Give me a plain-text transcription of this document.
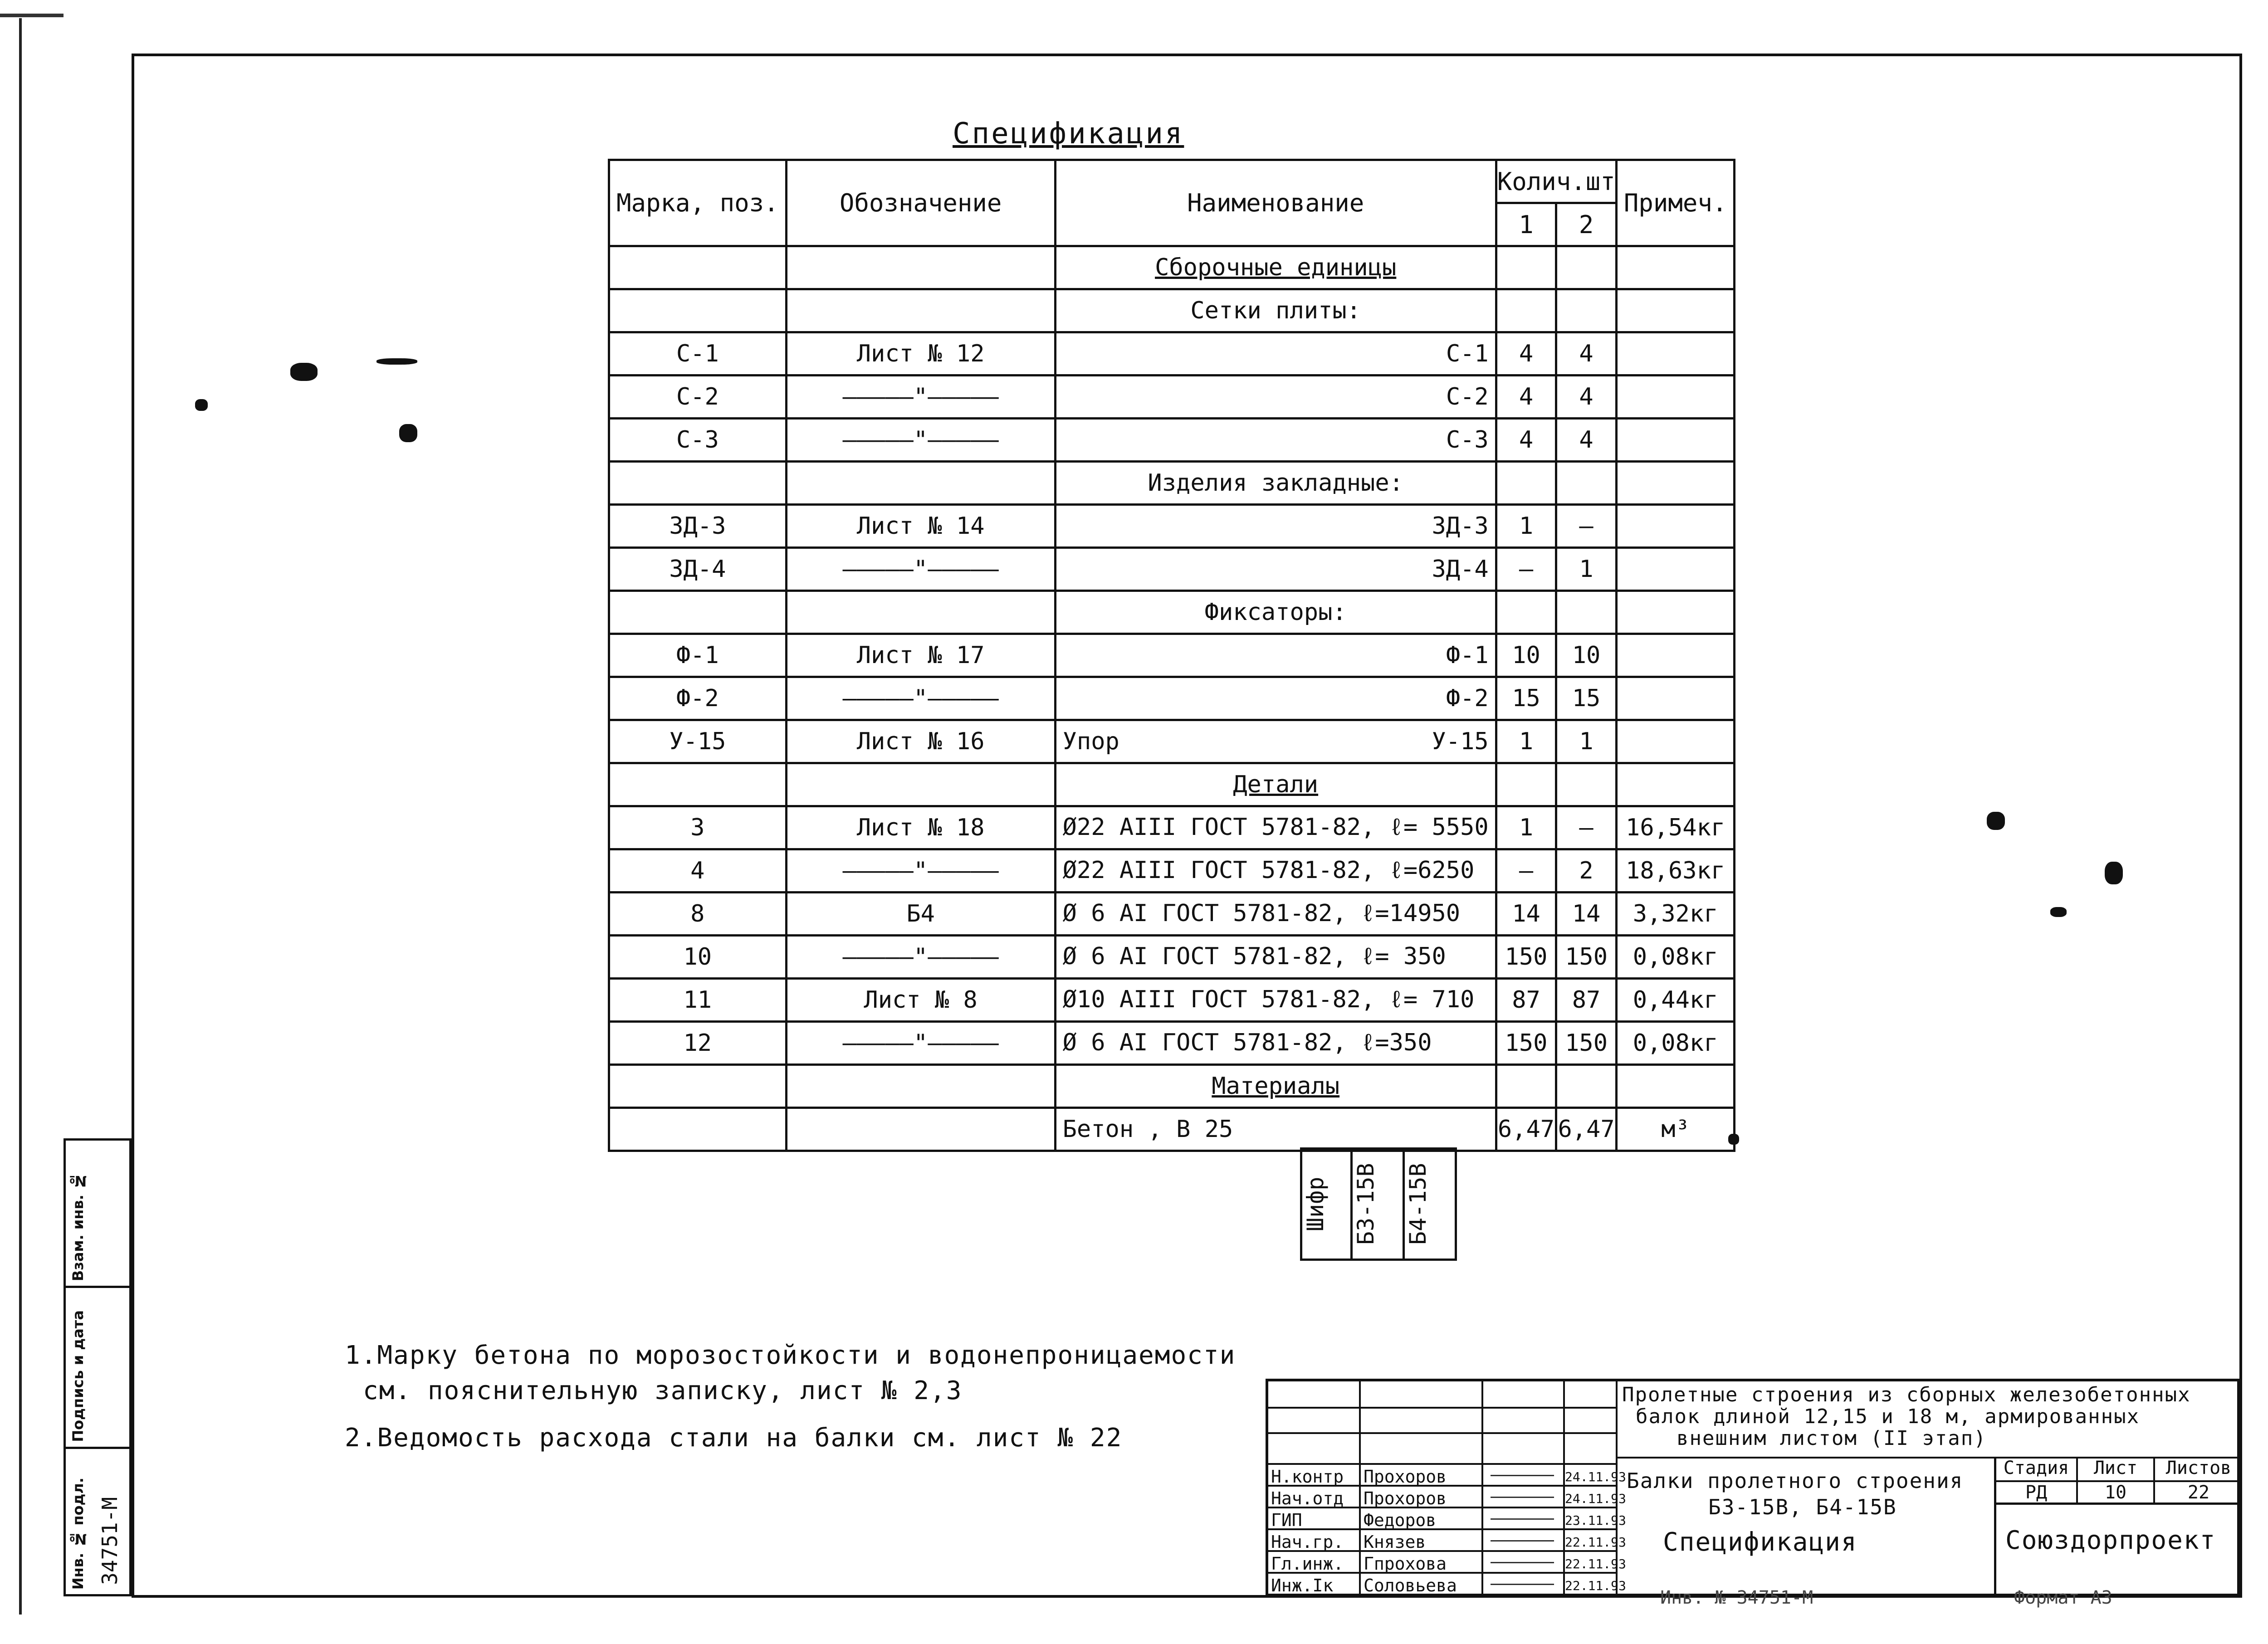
Спецификация
Марка, поз.	Обозначение	Наименование	Колич.шт		Примеч.
			1	2	
		Сборочные единицы			
		Сетки плиты:			
С-1	Лист № 12	С-1	4	4	
С-2	—————"—————	С-2	4	4	
С-3	—————"—————	С-3	4	4	
		Изделия закладные:			
ЗД-3	Лист № 14	ЗД-3	1	—	
ЗД-4	—————"—————	ЗД-4	—	1	
		Фиксаторы:			
Ф-1	Лист № 17	Ф-1	10	10	
Ф-2	—————"—————	Ф-2	15	15	
У-15	Лист № 16	Упор У-15	1	1	
		Детали			
3	Лист № 18	Ø22 АIII ГОСТ 5781-82, ℓ= 5550	1	—	16,54кг
4	—————"—————	Ø22 АIII ГОСТ 5781-82, ℓ=6250	—	2	18,63кг
8	Б4	Ø 6 АI ГОСТ 5781-82, ℓ=14950	14	14	3,32кг
10	—————"—————	Ø 6 АI ГОСТ 5781-82, ℓ= 350	150	150	0,08кг
11	Лист № 8	Ø10 АIII ГОСТ 5781-82, ℓ= 710	87	87	0,44кг
12	—————"—————	Ø 6 АI ГОСТ 5781-82, ℓ=350	150	150	0,08кг
		Материалы			

		Бетон , В 25	6,47	6,47	м³
Шифр	Б3-15В	Б4-15В

1.Марку бетона по морозостойкости и водонепроницаемости
см. пояснительную записку, лист № 2,3

2.Ведомость расхода стали на балки см. лист № 22

Н.контр Прохоров	24.11.93
Нач.отд Прохоров	24.11.93
ГИП	Федоров	23.11.93
Нач.гр. Князев	22.11.93
Гл.инж. Гпрохова	22.11.93
Инж.Iк Соловьева	22.11.93
Пролетные строения из сборных железобетонных
балок длиной 12,15 и 18 м, армированных
внешним листом (II этап)
Балки пролетного строения
Б3-15В, Б4-15В
Спецификация
Стадия	Лист	Листов
РД	10	22
Союздорпроект
Взам. инв. №
Подпись и дата
Инв. № подл. 34751-М
Инв. № 34751-М	Формат А3
